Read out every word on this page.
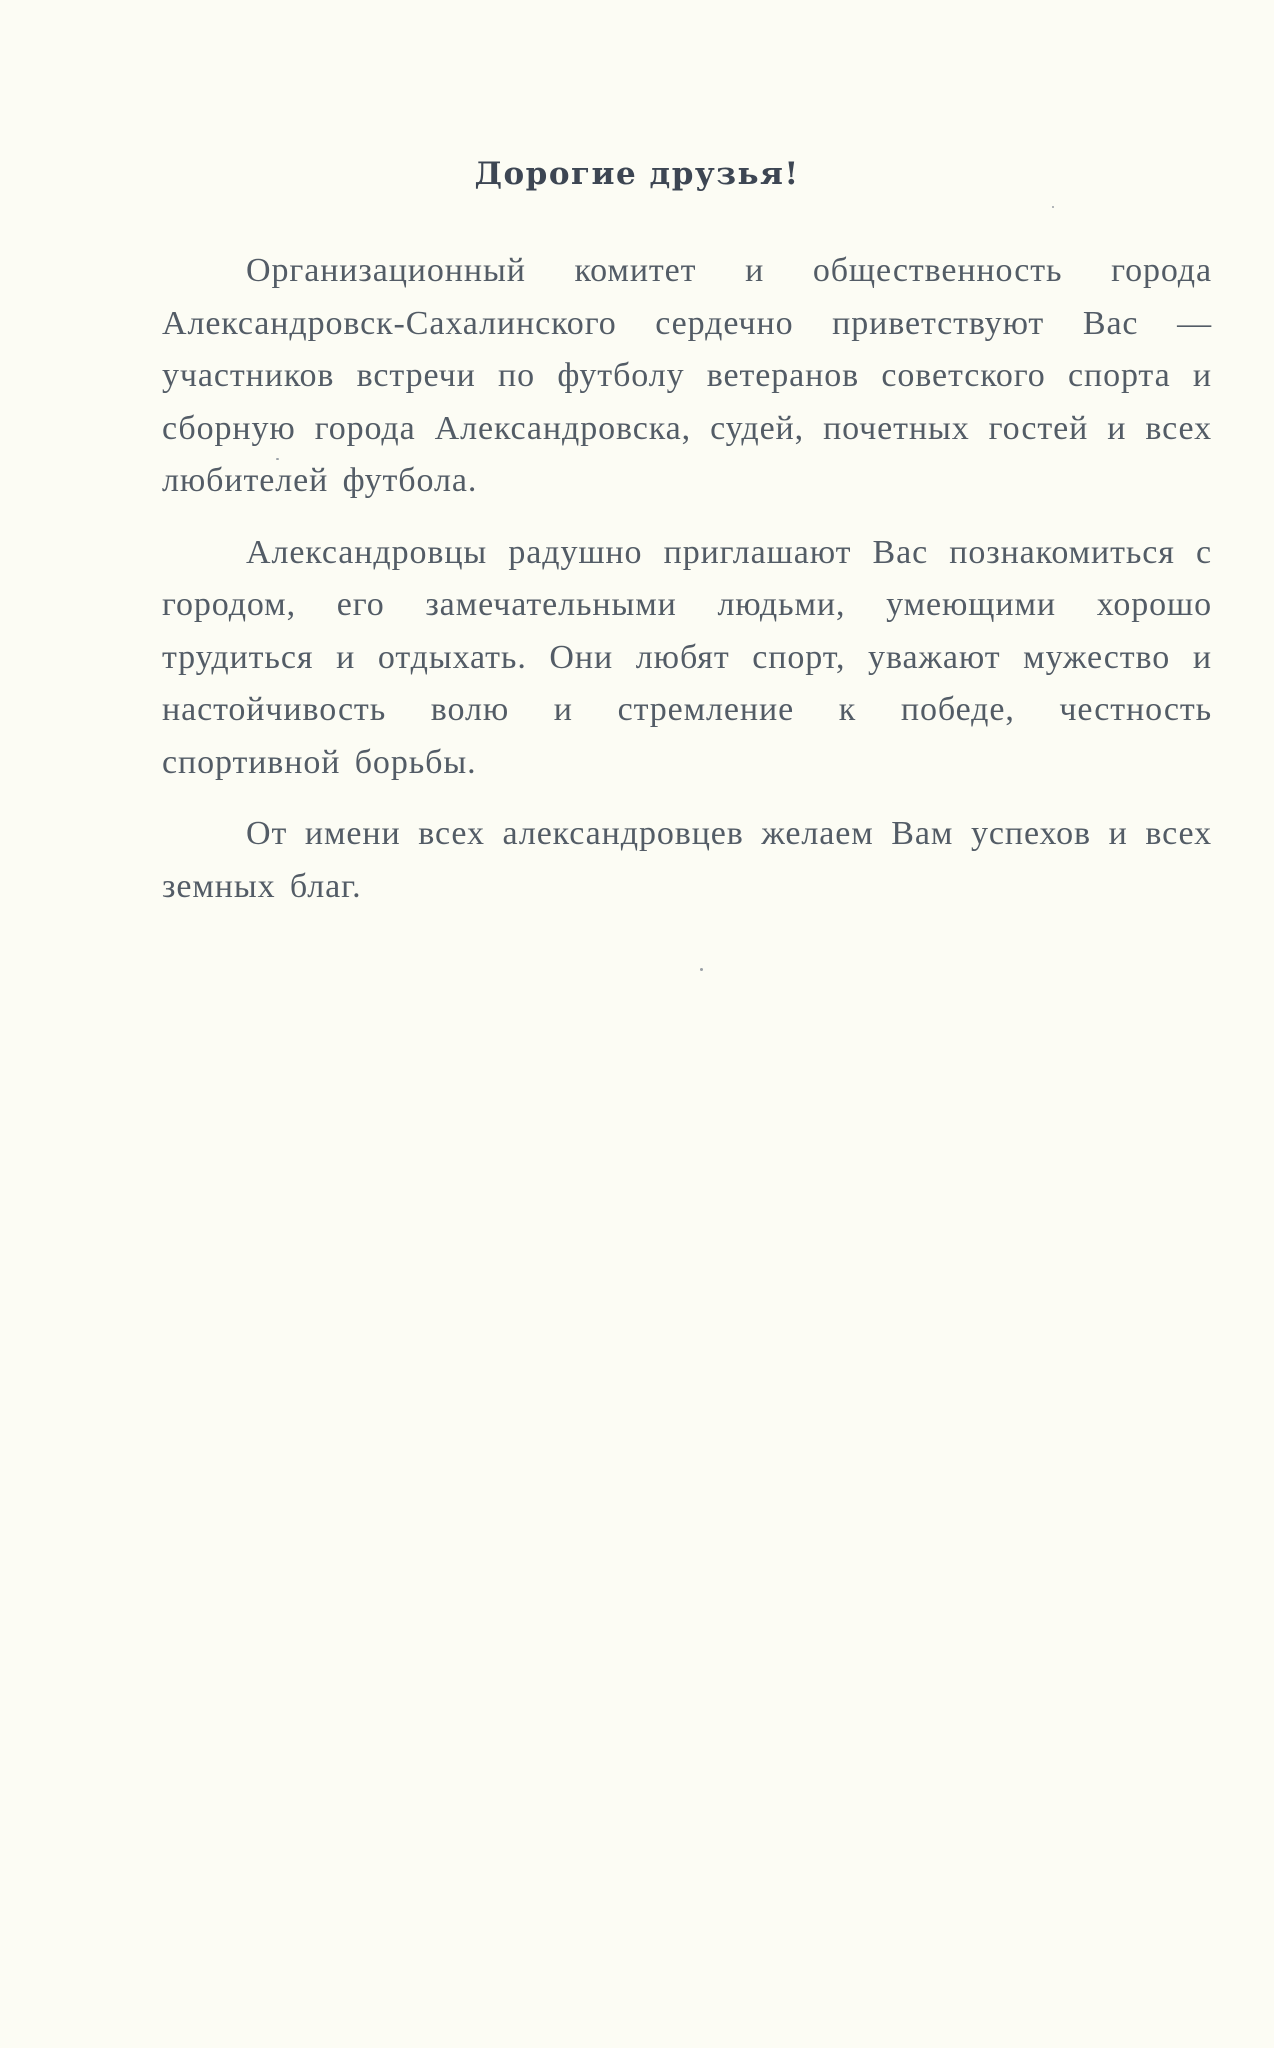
Дорогие друзья!

Организационный комитет и общественность города Александровск-Сахалинского сердечно приветствуют Вас — участников встречи по футболу ветеранов советского спорта и сборную города Александровска, судей, почетных гостей и всех любителей футбола.

Александровцы радушно приглашают Вас познакомиться с городом, его замечательными людьми, умеющими хорошо трудиться и отдыхать. Они любят спорт, уважают мужество и настойчивость волю и стремление к победе, честность спортивной борьбы.

От имени всех александровцев желаем Вам успехов и всех земных благ.
